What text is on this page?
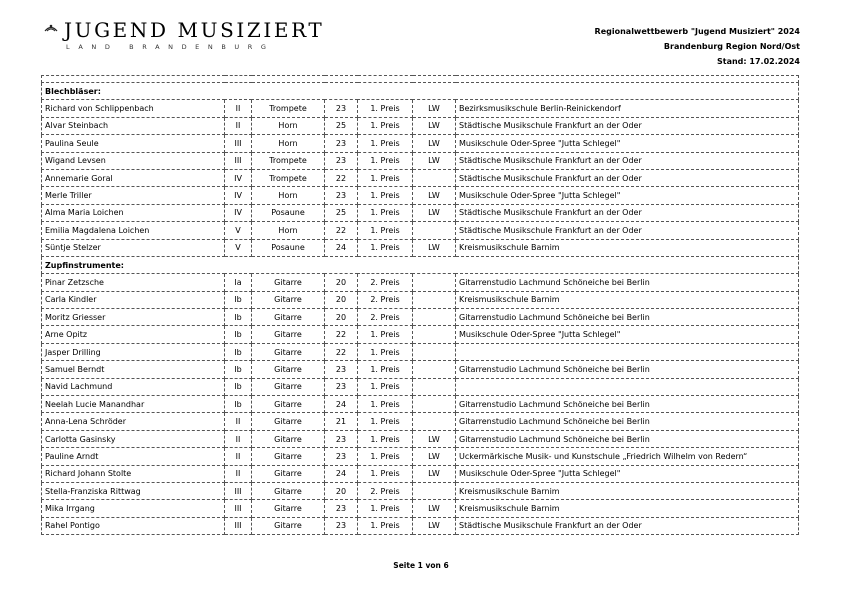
JUGEND MUSIZIERT
LAND BRANDENBURG
Regionalwettbewerb "Jugend Musiziert" 2024
Brandenburg Region Nord/Ost
Stand: 17.02.2024

Blechbläser:						
Richard von Schlippenbach	II	Trompete	23	1. Preis	LW	Bezirksmusikschule Berlin-Reinickendorf
Alvar Steinbach	II	Horn	25	1. Preis	LW	Städtische Musikschule Frankfurt an der Oder
Paulina Seule	III	Horn	23	1. Preis	LW	Musikschule Oder-Spree "Jutta Schlegel"
Wigand Levsen	III	Trompete	23	1. Preis	LW	Städtische Musikschule Frankfurt an der Oder
Annemarie Goral	IV	Trompete	22	1. Preis		Städtische Musikschule Frankfurt an der Oder
Merle Triller	IV	Horn	23	1. Preis	LW	Musikschule Oder-Spree "Jutta Schlegel"
Alma Maria Loichen	IV	Posaune	25	1. Preis	LW	Städtische Musikschule Frankfurt an der Oder
Emilia Magdalena Loichen	V	Horn	22	1. Preis		Städtische Musikschule Frankfurt an der Oder
Süntje Stelzer	V	Posaune	24	1. Preis	LW	Kreismusikschule Barnim
Zupfinstrumente:						
Pinar Zetzsche	Ia	Gitarre	20	2. Preis		Gitarrenstudio Lachmund Schöneiche bei Berlin
Carla Kindler	Ib	Gitarre	20	2. Preis		Kreismusikschule Barnim
Moritz Griesser	Ib	Gitarre	20	2. Preis		Gitarrenstudio Lachmund Schöneiche bei Berlin
Arne Opitz	Ib	Gitarre	22	1. Preis		Musikschule Oder-Spree "Jutta Schlegel"
Jasper Drilling	Ib	Gitarre	22	1. Preis		
Samuel Berndt	Ib	Gitarre	23	1. Preis		Gitarrenstudio Lachmund Schöneiche bei Berlin
Navid Lachmund	Ib	Gitarre	23	1. Preis		
Neelah Lucie Manandhar	Ib	Gitarre	24	1. Preis		Gitarrenstudio Lachmund Schöneiche bei Berlin
Anna-Lena Schröder	II	Gitarre	21	1. Preis		Gitarrenstudio Lachmund Schöneiche bei Berlin
Carlotta Gasinsky	II	Gitarre	23	1. Preis	LW	Gitarrenstudio Lachmund Schöneiche bei Berlin
Pauline Arndt	II	Gitarre	23	1. Preis	LW	Uckermärkische Musik- und Kunstschule „Friedrich Wilhelm von Redern“
Richard Johann Stolte	II	Gitarre	24	1. Preis	LW	Musikschule Oder-Spree "Jutta Schlegel"
Stella-Franziska Rittwag	III	Gitarre	20	2. Preis		Kreismusikschule Barnim
Mika Irrgang	III	Gitarre	23	1. Preis	LW	Kreismusikschule Barnim
Rahel Pontigo	III	Gitarre	23	1. Preis	LW	Städtische Musikschule Frankfurt an der Oder
Seite 1 von 6
